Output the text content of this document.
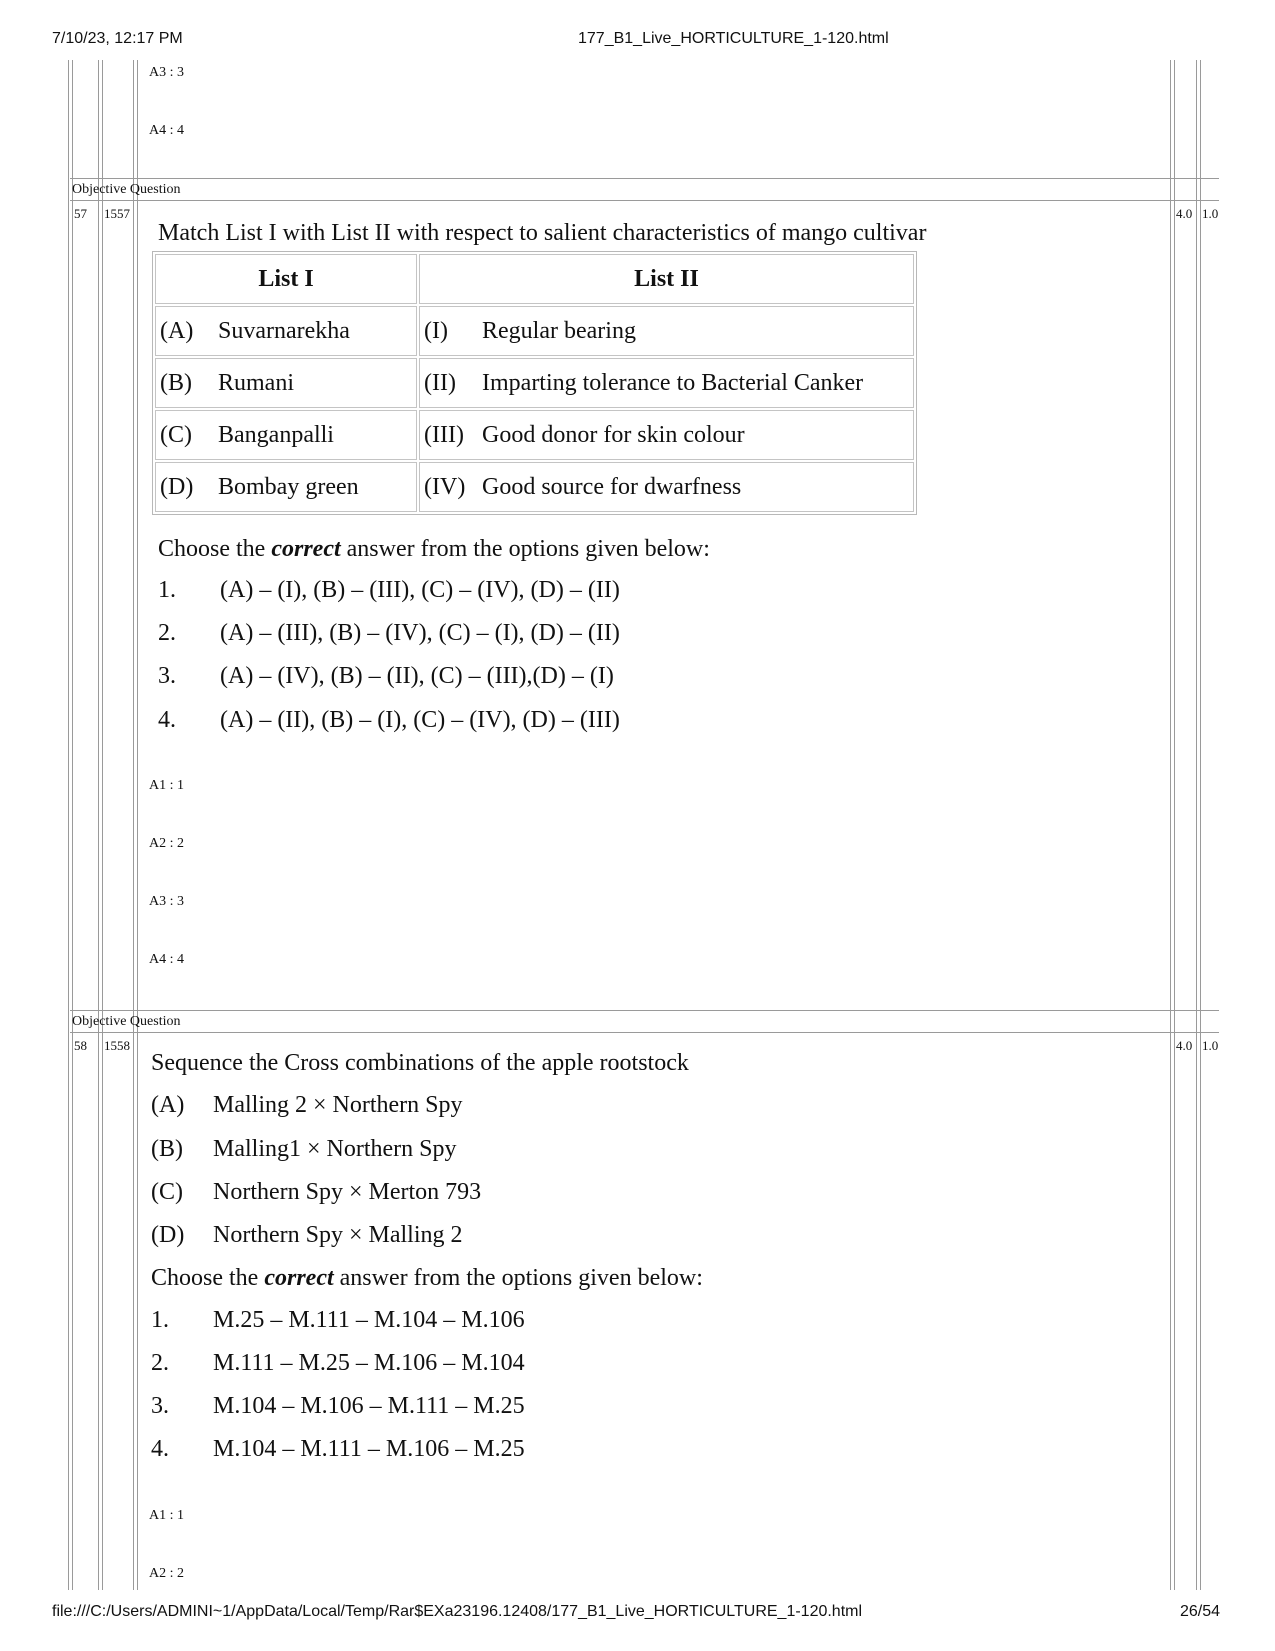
7/10/23, 12:17 PM	177_B1_Live_HORTICULTURE_1-120.html
A3 : 3
A4 : 4
Objective Question
57 1557	4.0 1.0
Match List I with List II with respect to salient characteristics of mango cultivar
List I	List II
(A) Suvarnarekha	(I) Regular bearing
(B) Rumani	(II) Imparting tolerance to Bacterial Canker
(C) Banganpalli	(III) Good donor for skin colour
(D) Bombay green	(IV) Good source for dwarfness
Choose the correct answer from the options given below:
1. (A) – (I), (B) – (III), (C) – (IV), (D) – (II)
2. (A) – (III), (B) – (IV), (C) – (I), (D) – (II)
3. (A) – (IV), (B) – (II), (C) – (III),(D) – (I)
4. (A) – (II), (B) – (I), (C) – (IV), (D) – (III)
A1 : 1
A2 : 2
A3 : 3
A4 : 4
Objective Question
58 1558	4.0 1.0
Sequence the Cross combinations of the apple rootstock
(A) Malling 2 × Northern Spy
(B) Malling1 × Northern Spy
(C) Northern Spy × Merton 793
(D) Northern Spy × Malling 2
Choose the correct answer from the options given below:
1. M.25 – M.111 – M.104 – M.106
2. M.111 – M.25 – M.106 – M.104
3. M.104 – M.106 – M.111 – M.25
4. M.104 – M.111 – M.106 – M.25
A1 : 1
A2 : 2
file:///C:/Users/ADMINI~1/AppData/Local/Temp/Rar$EXa23196.12408/177_B1_Live_HORTICULTURE_1-120.html	26/54
